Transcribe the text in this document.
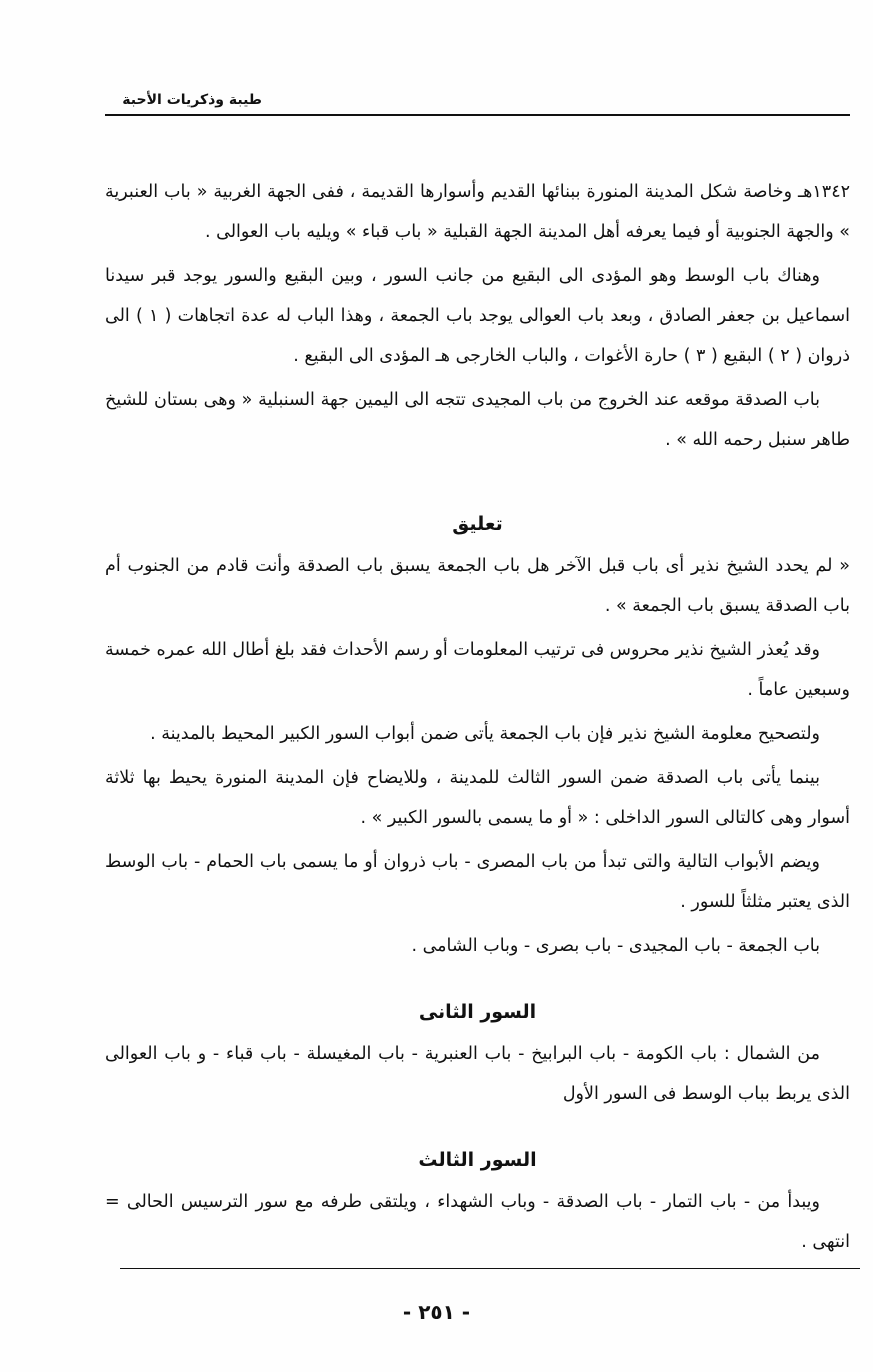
طيبة وذكريات الأحبة

١٣٤٢هـ وخاصة شكل المدينة المنورة ببنائها القديم وأسوارها القديمة ، ففى الجهة الغربية « باب العنبرية » والجهة الجنوبية أو فيما يعرفه أهل المدينة الجهة القبلية « باب قباء » ويليه باب العوالى .

وهناك باب الوسط وهو المؤدى الى البقيع من جانب السور ، وبين البقيع والسور يوجد قبر سيدنا اسماعيل بن جعفر الصادق ، وبعد باب العوالى يوجد باب الجمعة ، وهذا الباب له عدة اتجاهات ( ١ ) الى ذروان ( ٢ ) البقيع ( ٣ ) حارة الأغوات ، والباب الخارجى هـ المؤدى الى البقيع .

باب الصدقة موقعه عند الخروج من باب المجيدى تتجه الى اليمين جهة السنبلية « وهى بستان للشيخ طاهر سنبل رحمه الله » .

تعليق

« لم يحدد الشيخ نذير أى باب قبل الآخر هل باب الجمعة يسبق باب الصدقة وأنت قادم من الجنوب أم باب الصدقة يسبق باب الجمعة » .

وقد يُعذر الشيخ نذير محروس فى ترتيب المعلومات أو رسم الأحداث فقد بلغ أطال الله عمره خمسة وسبعين عاماً .

ولتصحيح معلومة الشيخ نذير فإن باب الجمعة يأتى ضمن أبواب السور الكبير المحيط بالمدينة .

بينما يأتى باب الصدقة ضمن السور الثالث للمدينة ، وللايضاح فإن المدينة المنورة يحيط بها ثلاثة أسوار وهى كالتالى السور الداخلى : « أو ما يسمى بالسور الكبير » .

ويضم الأبواب التالية والتى تبدأ من باب المصرى - باب ذروان أو ما يسمى باب الحمام - باب الوسط الذى يعتبر مثلثاً للسور .

باب الجمعة - باب المجيدى - باب بصرى - وباب الشامى .

السور الثانى

من الشمال : باب الكومة - باب البرابيخ - باب العنبرية - باب المغيسلة - باب قباء - و باب العوالى الذى يربط بباب الوسط فى السور الأول

السور الثالث

ويبدأ من - باب التمار - باب الصدقة - وباب الشهداء ، ويلتقى طرفه مع سور الترسيس الحالى = انتهى .

- ٢٥١ -
